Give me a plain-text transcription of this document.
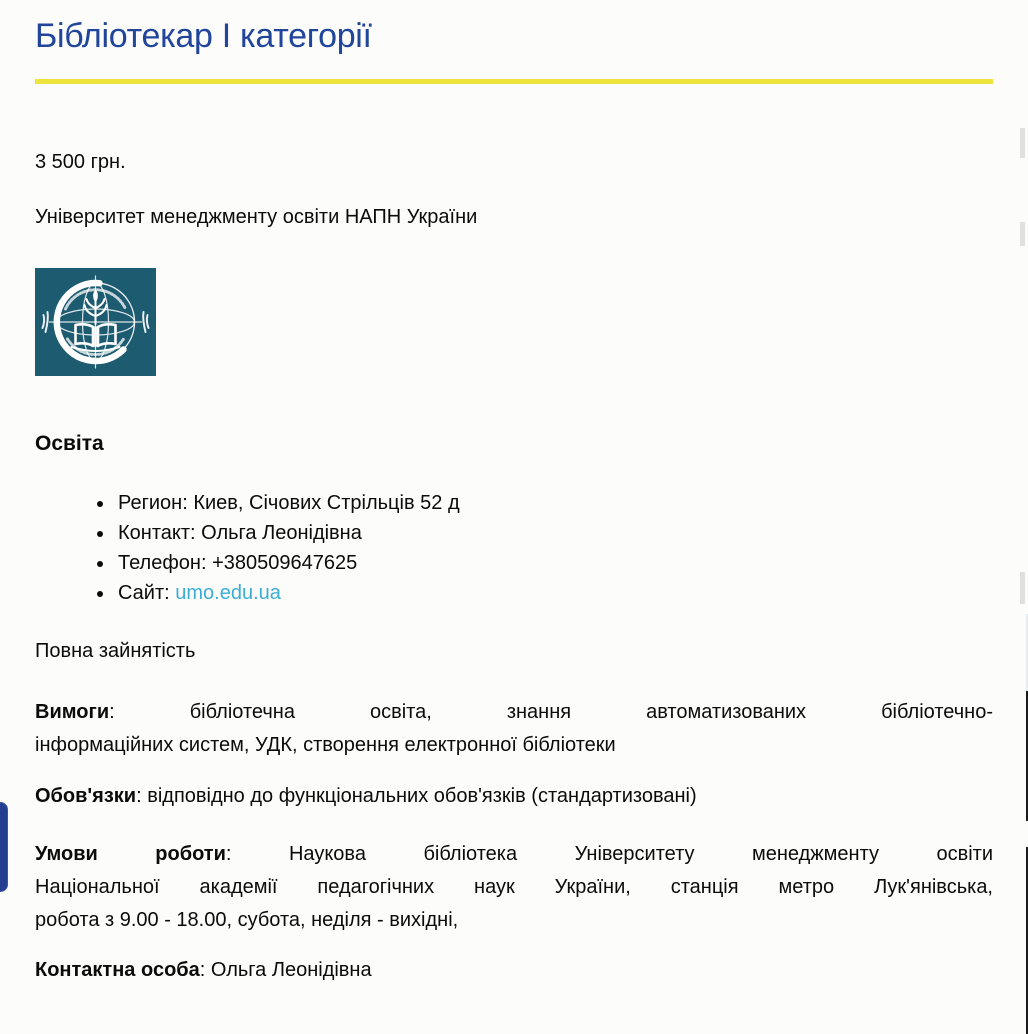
Бібліотекар І категорії
3 500 грн.
Університет менеджменту освіти НАПН України
Освіта
• Регион: Киев, Січових Стрільців 52 д
• Контакт: Ольга Леонідівна
• Телефон: +380509647625
• Сайт: umo.edu.ua
Повна зайнятість
Вимоги: бібліотечна освіта, знання автоматизованих бібліотечно-
інформаційних систем, УДК, створення електронної бібліотеки
Обов'язки: відповідно до функціональних обов'язків (стандартизовані)
Умови роботи: Наукова бібліотека Університету менеджменту освіти
Національної академії педагогічних наук України, станція метро Лук'янівська,
робота з 9.00 - 18.00, субота, неділя - вихідні,
Контактна особа: Ольга Леонідівна
